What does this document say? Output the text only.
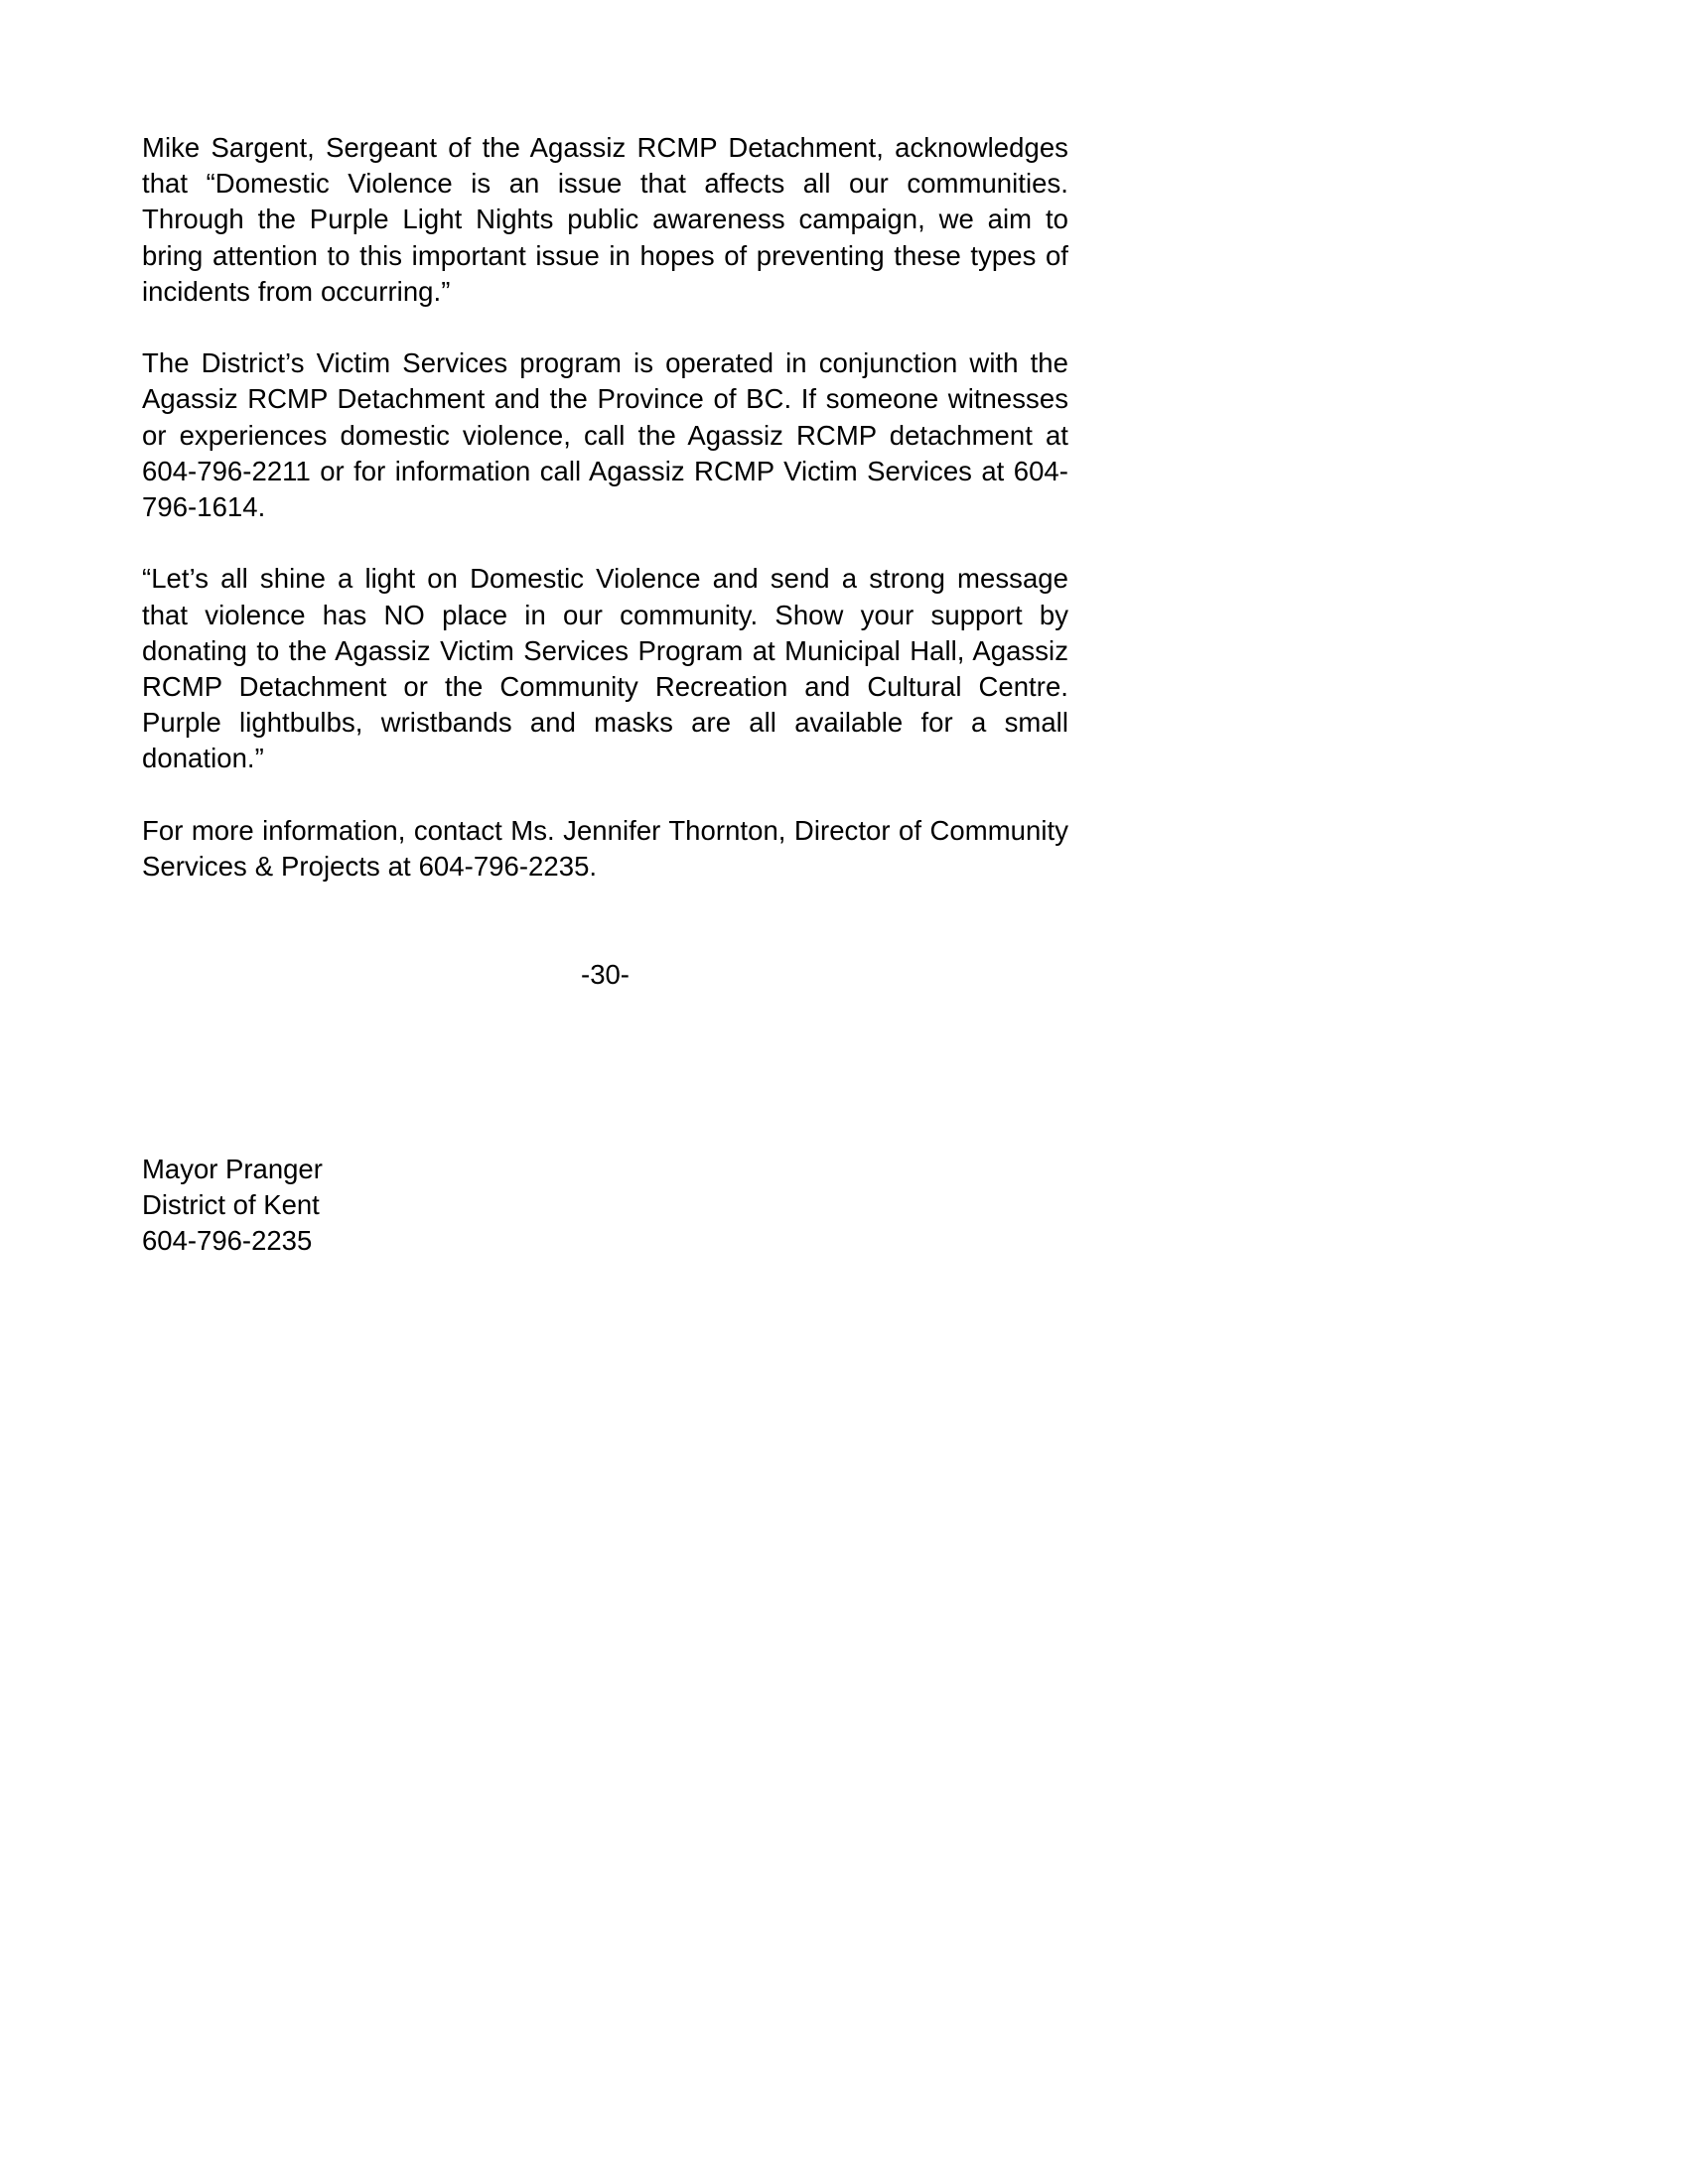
Mike Sargent, Sergeant of the Agassiz RCMP Detachment, acknowledges that “Domestic Violence is an issue that affects all our communities. Through the Purple Light Nights public awareness campaign, we aim to bring attention to this important issue in hopes of preventing these types of incidents from occurring.”

The District’s Victim Services program is operated in conjunction with the Agassiz RCMP Detachment and the Province of BC. If someone witnesses or experiences domestic violence, call the Agassiz RCMP detachment at 604-796-2211 or for information call Agassiz RCMP Victim Services at 604-796-1614.

“Let’s all shine a light on Domestic Violence and send a strong message that violence has NO place in our community. Show your support by donating to the Agassiz Victim Services Program at Municipal Hall, Agassiz RCMP Detachment or the Community Recreation and Cultural Centre. Purple lightbulbs, wristbands and masks are all available for a small donation.”

For more information, contact Ms. Jennifer Thornton, Director of Community Services & Projects at 604-796-2235.

-30-
Mayor Pranger
District of Kent
604-796-2235
